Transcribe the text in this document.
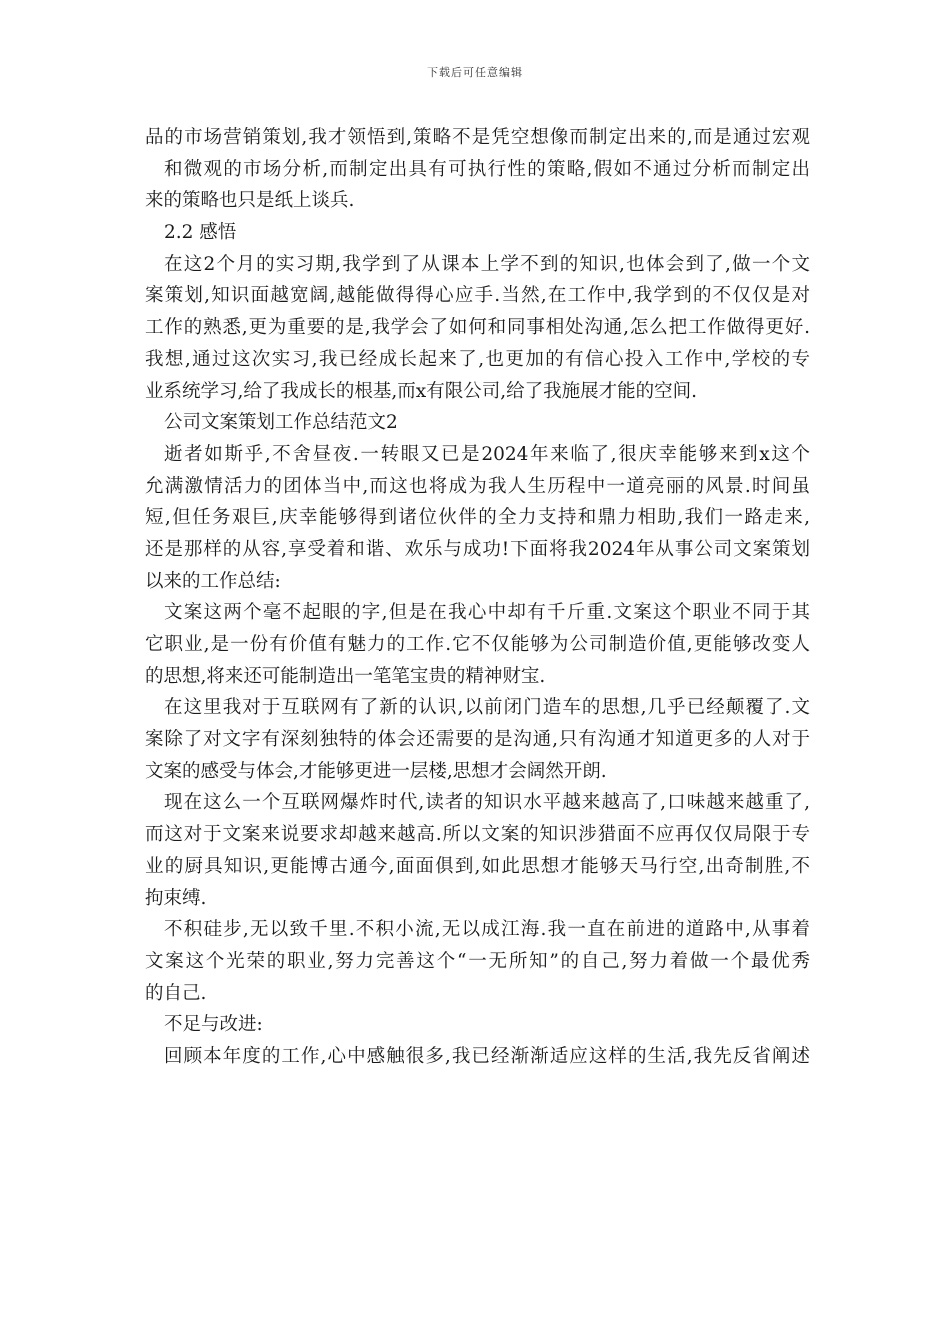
下载后可任意编辑
品的市场营销策划,我才领悟到,策略不是凭空想像而制定出来的,而是通过宏观
和微观的市场分析,而制定出具有可执行性的策略,假如不通过分析而制定出
来的策略也只是纸上谈兵.
2.2 感悟
在这2个月的实习期,我学到了从课本上学不到的知识,也体会到了,做一个文
案策划,知识面越宽阔,越能做得得心应手.当然,在工作中,我学到的不仅仅是对
工作的熟悉,更为重要的是,我学会了如何和同事相处沟通,怎么把工作做得更好.
我想,通过这次实习,我已经成长起来了,也更加的有信心投入工作中,学校的专
业系统学习,给了我成长的根基,而x有限公司,给了我施展才能的空间.
公司文案策划工作总结范文2
逝者如斯乎,不舍昼夜.一转眼又已是2024年来临了,很庆幸能够来到x这个
允满激情活力的团体当中,而这也将成为我人生历程中一道亮丽的风景.时间虽
短,但任务艰巨,庆幸能够得到诸位伙伴的全力支持和鼎力相助,我们一路走来,
还是那样的从容,享受着和谐、欢乐与成功!下面将我2024年从事公司文案策划
以来的工作总结:
文案这两个毫不起眼的字,但是在我心中却有千斤重.文案这个职业不同于其
它职业,是一份有价值有魅力的工作.它不仅能够为公司制造价值,更能够改变人
的思想,将来还可能制造出一笔笔宝贵的精神财宝.
在这里我对于互联网有了新的认识,以前闭门造车的思想,几乎已经颠覆了.文
案除了对文字有深刻独特的体会还需要的是沟通,只有沟通才知道更多的人对于
文案的感受与体会,才能够更进一层楼,思想才会阔然开朗.
现在这么一个互联网爆炸时代,读者的知识水平越来越高了,口味越来越重了,
而这对于文案来说要求却越来越高.所以文案的知识涉猎面不应再仅仅局限于专
业的厨具知识,更能博古通今,面面俱到,如此思想才能够天马行空,出奇制胜,不
拘束缚.
不积硅步,无以致千里.不积小流,无以成江海.我一直在前进的道路中,从事着
文案这个光荣的职业,努力完善这个“一无所知”的自己,努力着做一个最优秀
的自己.
不足与改进:
回顾本年度的工作,心中感触很多,我已经渐渐适应这样的生活,我先反省阐述
